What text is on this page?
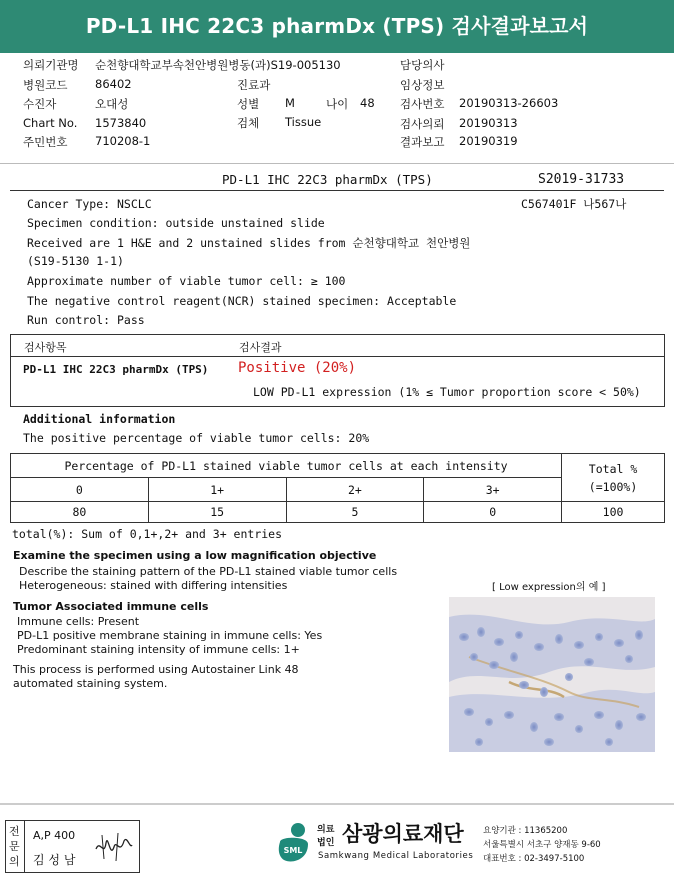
PD-L1 IHC 22C3 pharmDx (TPS) 검사결과보고서
의뢰기관명 순천향대학교부속천안병원병동(과)S19-005130	담당의사
병원코드 86402	진료과	임상정보
수진자	오대성	성별 M	나이 48 검사번호 20190313-26603
Chart No. 1573840	검체 Tissue	검사의뢰 20190313
주민번호 710208-1	결과보고 20190319
PD-L1 IHC 22C3 pharmDx (TPS)	S2019-31733
Cancer Type: NSCLC	C567401F 나567나
Specimen condition: outside unstained slide
Received are 1 H&E and 2 unstained slides from 순천향대학교 천안병원
(S19-5130 1-1)
Approximate number of viable tumor cell: ≥ 100
The negative control reagent(NCR) stained specimen: Acceptable
Run control: Pass
검사항목	검사결과
PD-L1 IHC 22C3 pharmDx (TPS) Positive (20%)
LOW PD-L1 expression (1% ≤ Tumor proportion score < 50%)
Additional information
The positive percentage of viable tumor cells: 20%
Percentage of PD-L1 stained viable tumor cells at each intensity				Total %
(=100%)

0	1+	2+	3+	
80	15	5	0	100
total(%): Sum of 0,1+,2+ and 3+ entries
Examine the specimen using a low magnification objective
Describe the staining pattern of the PD-L1 stained viable tumor cells
Heterogeneous: stained with differing intensities	[ Low expression의 예 ]
Tumor Associated immune cells
Immune cells: Present
PD-L1 positive membrane staining in immune cells: Yes
Predominant staining intensity of immune cells: 1+
This process is performed using Autostainer Link 48
automated staining system.
전문의
A,P 400
김 성 남
SML
의료
법인 삼광의료재단
Samkwang Medical Laboratories
요양기관 : 11365200
서울특별시 서초구 양재동 9-60
대표번호 : 02-3497-5100
